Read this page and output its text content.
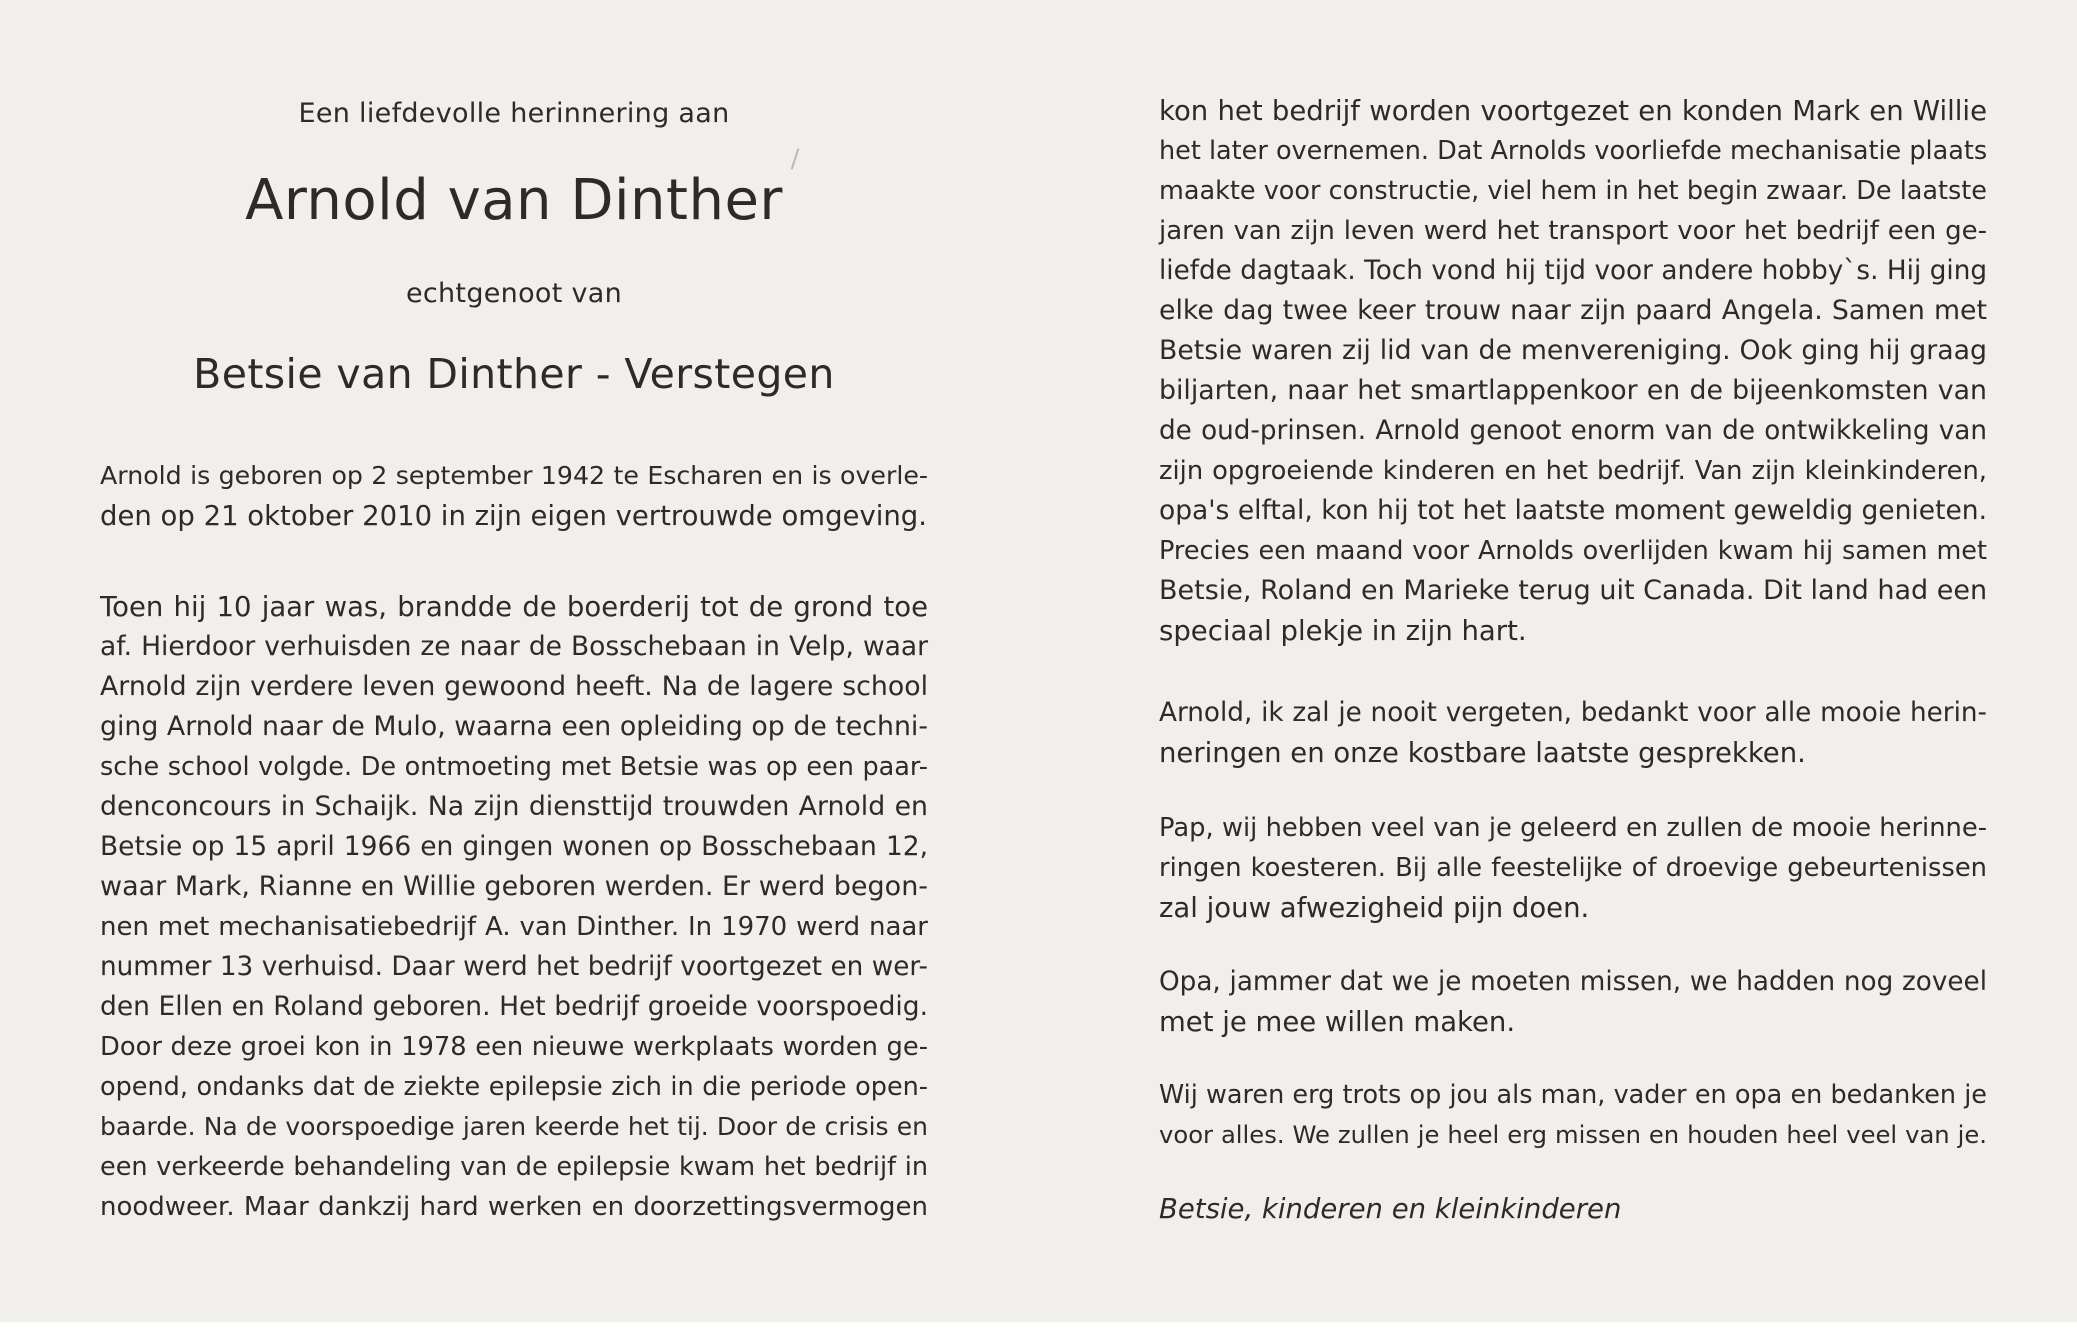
Een liefdevolle herinnering aan
Arnold van Dinther
echtgenoot van
Betsie van Dinther - Verstegen
Arnold is geboren op 2 september 1942 te Escharen en is overle-
den op 21 oktober 2010 in zijn eigen vertrouwde omgeving.
Toen hij 10 jaar was, brandde de boerderij tot de grond toe
af. Hierdoor verhuisden ze naar de Bosschebaan in Velp, waar
Arnold zijn verdere leven gewoond heeft. Na de lagere school
ging Arnold naar de Mulo, waarna een opleiding op de techni-
sche school volgde. De ontmoeting met Betsie was op een paar-
denconcours in Schaijk. Na zijn diensttijd trouwden Arnold en
Betsie op 15 april 1966 en gingen wonen op Bosschebaan 12,
waar Mark, Rianne en Willie geboren werden. Er werd begon-
nen met mechanisatiebedrijf A. van Dinther. In 1970 werd naar
nummer 13 verhuisd. Daar werd het bedrijf voortgezet en wer-
den Ellen en Roland geboren. Het bedrijf groeide voorspoedig.
Door deze groei kon in 1978 een nieuwe werkplaats worden ge-
opend, ondanks dat de ziekte epilepsie zich in die periode open-
baarde. Na de voorspoedige jaren keerde het tij. Door de crisis en
een verkeerde behandeling van de epilepsie kwam het bedrijf in
noodweer. Maar dankzij hard werken en doorzettingsvermogen
kon het bedrijf worden voortgezet en konden Mark en Willie
het later overnemen. Dat Arnolds voorliefde mechanisatie plaats
maakte voor constructie, viel hem in het begin zwaar. De laatste
jaren van zijn leven werd het transport voor het bedrijf een ge-
liefde dagtaak. Toch vond hij tijd voor andere hobby`s. Hij ging
elke dag twee keer trouw naar zijn paard Angela. Samen met
Betsie waren zij lid van de menvereniging. Ook ging hij graag
biljarten, naar het smartlappenkoor en de bijeenkomsten van
de oud-prinsen. Arnold genoot enorm van de ontwikkeling van
zijn opgroeiende kinderen en het bedrijf. Van zijn kleinkinderen,
opa's elftal, kon hij tot het laatste moment geweldig genieten.
Precies een maand voor Arnolds overlijden kwam hij samen met
Betsie, Roland en Marieke terug uit Canada. Dit land had een
speciaal plekje in zijn hart.
Arnold, ik zal je nooit vergeten, bedankt voor alle mooie herin-
neringen en onze kostbare laatste gesprekken.
Pap, wij hebben veel van je geleerd en zullen de mooie herinne-
ringen koesteren. Bij alle feestelijke of droevige gebeurtenissen
zal jouw afwezigheid pijn doen.
Opa, jammer dat we je moeten missen, we hadden nog zoveel
met je mee willen maken.
Wij waren erg trots op jou als man, vader en opa en bedanken je
voor alles. We zullen je heel erg missen en houden heel veel van je.
Betsie, kinderen en kleinkinderen
